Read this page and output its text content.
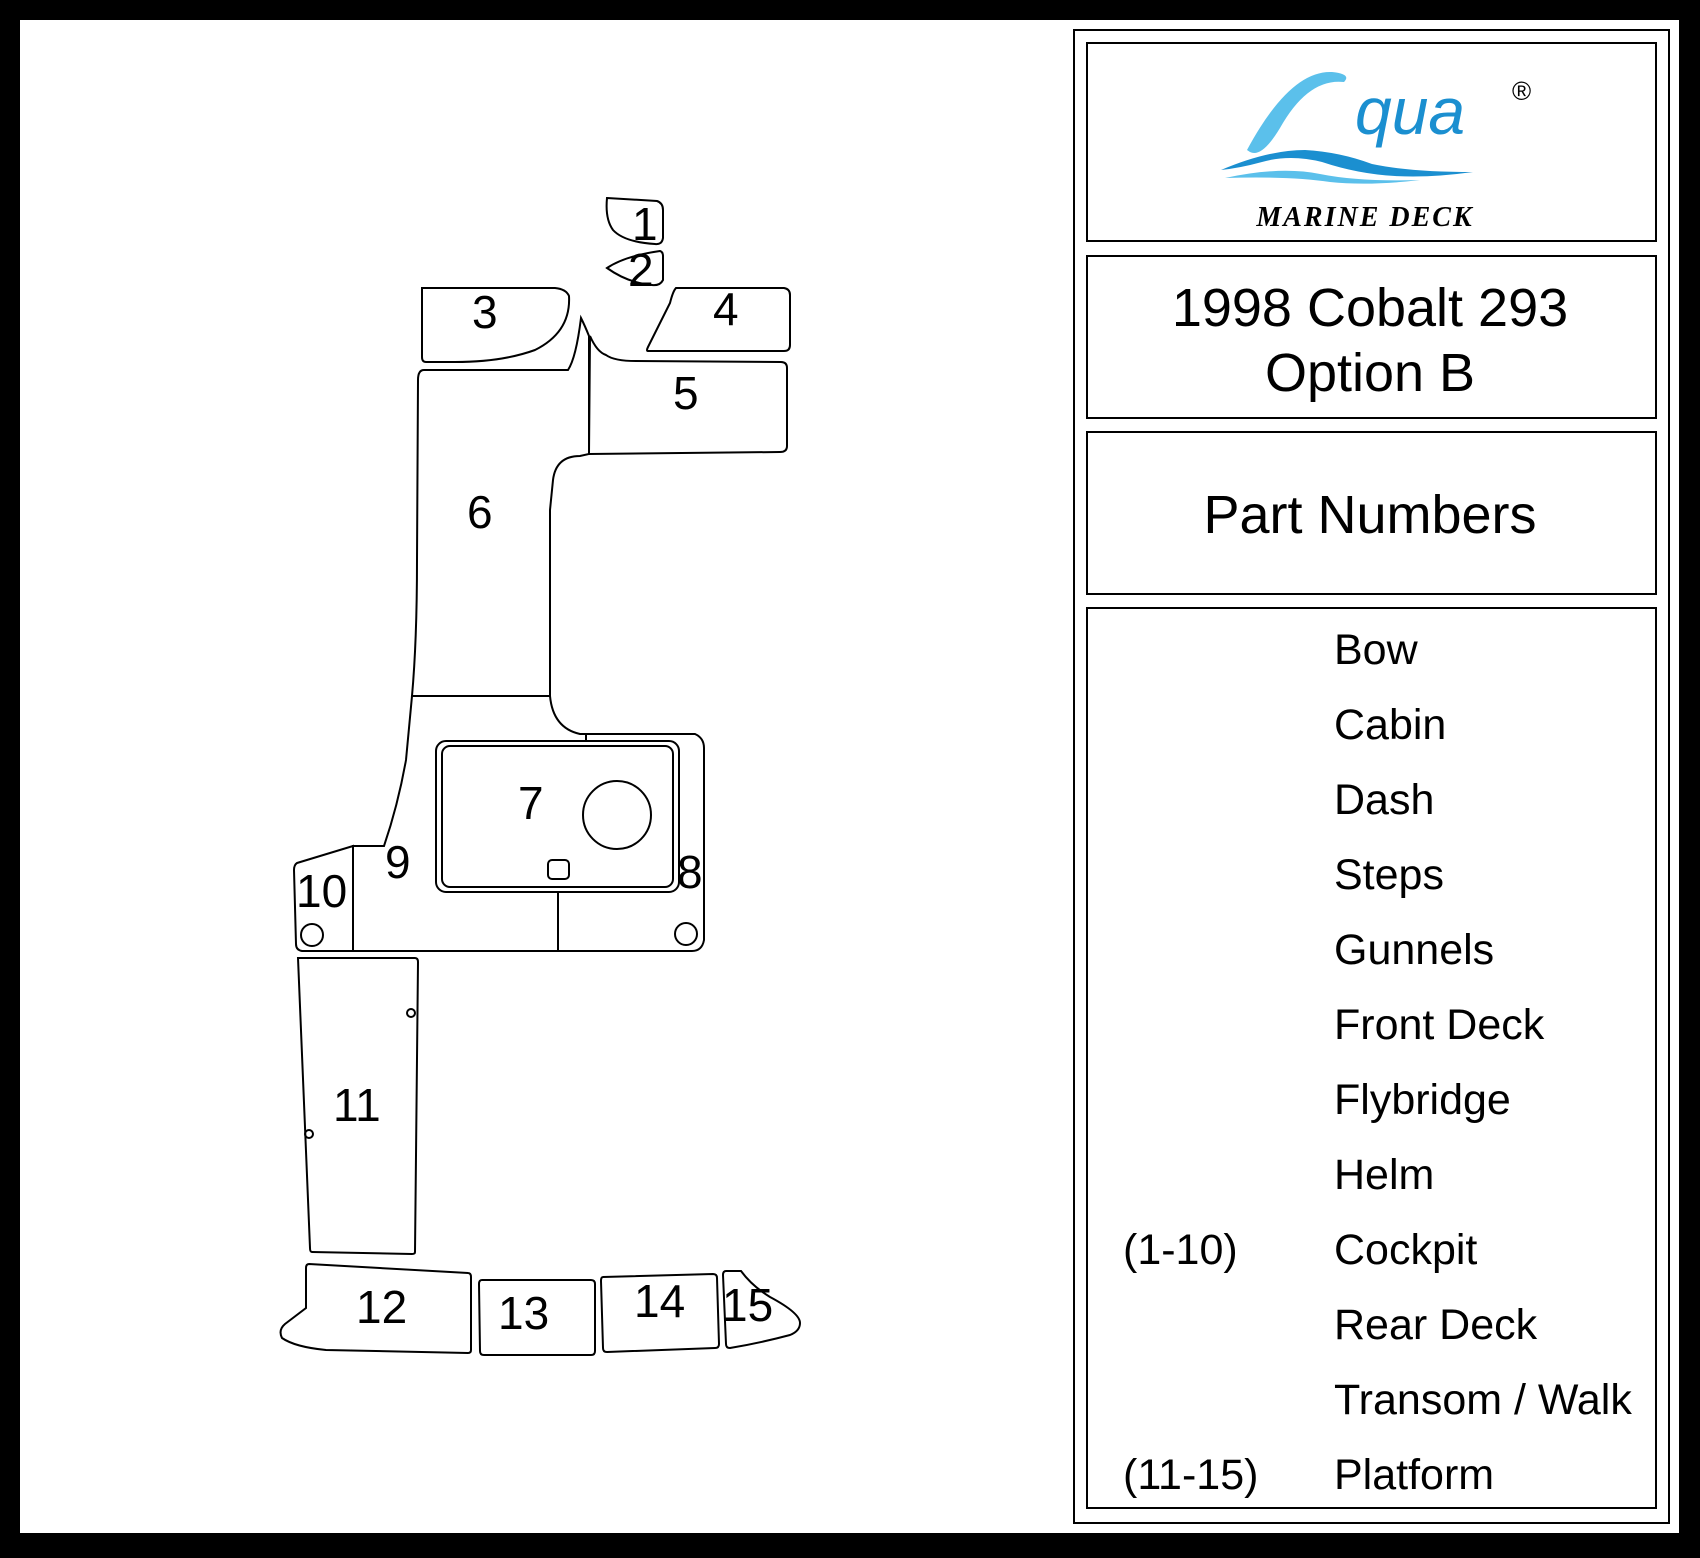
1
2
3	4
5
6
7
8
9
10
11
12 13 14 15
qua ®
MARINE DECK
1998 Cobalt 293
Option B
Part Numbers
Bow
Cabin
Dash
Steps
Gunnels
Front Deck
Flybridge
Helm
(1-10) Cockpit
Rear Deck
Transom / Walk
(11-15) Platform
